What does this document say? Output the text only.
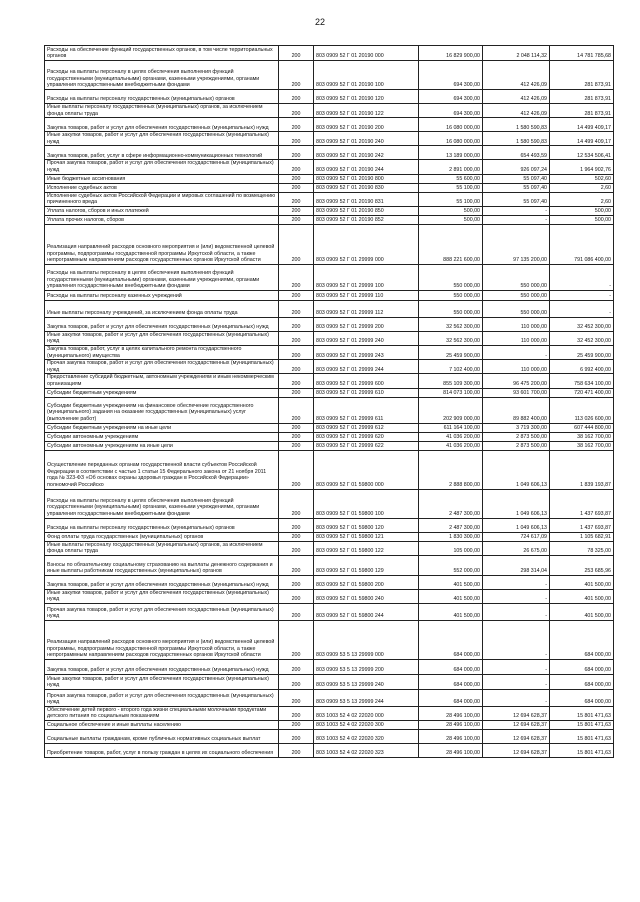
22
Расходы на обеспечение функций государственных органов, в том числе территориальных органов	200	803 0909 52 Г 01 20190 000	16 829 900,00	2 048 114,32	14 781 785,68
Расходы на выплаты персоналу в целях обеспечения выполнения функций государственными (муниципальными) органами, казенными учреждениями, органами управления государственными внебюджетными фондами	200	803 0909 52 Г 01 20190 100	694 300,00	412 426,09	281 873,91
Расходы на выплаты персоналу государственных (муниципальных) органов	200	803 0909 52 Г 01 20190 120	694 300,00	412 426,09	281 873,91
Иные выплаты персоналу государственных (муниципальных) органов, за исключением фонда оплаты труда	200	803 0909 52 Г 01 20190 122	694 300,00	412 426,09	281 873,91
Закупка товаров, работ и услуг для обеспечения государственных (муниципальных) нужд	200	803 0909 52 Г 01 20190 200	16 080 000,00	1 580 590,83	14 499 409,17
Иные закупки товаров, работ и услуг для обеспечения государственных (муниципальных) нужд	200	803 0909 52 Г 01 20190 240	16 080 000,00	1 580 590,83	14 499 409,17
Закупка товаров, работ, услуг в сфере информационно-коммуникационных технологий	200	803 0909 52 Г 01 20190 242	13 189 000,00	654 493,59	12 534 506,41
Прочая закупка товаров, работ и услуг для обеспечения государственных (муниципальных) нужд	200	803 0909 52 Г 01 20190 244	2 891 000,00	926 097,24	1 964 902,76
Иные бюджетные ассигнования	200	803 0909 52 Г 01 20190 800	55 600,00	55 097,40	502,60
Исполнение судебных актов	200	803 0909 52 Г 01 20190 830	55 100,00	55 097,40	2,60
Исполнение судебных актов Российской Федерации и мировых соглашений по возмещению причиненного вреда	200	803 0909 52 Г 01 20190 831	55 100,00	55 097,40	2,60
Уплата налогов, сборов и иных платежей	200	803 0909 52 Г 01 20190 850	500,00	-	500,00
Уплата прочих налогов, сборов	200	803 0909 52 Г 01 20190 852	500,00	-	500,00
Реализация направлений расходов основного мероприятия и (или) ведомственной целевой программы, подпрограммы государственной программы Иркутской области, а также непрограммным направлениям расходов государственных органов Иркутской области	200	803 0909 52 Г 01 29999 000	888 221 600,00	97 135 200,00	791 086 400,00
Расходы на выплаты персоналу в целях обеспечения выполнения функций государственными (муниципальными) органами, казенными учреждениями, органами управления государственными внебюджетными фондами	200	803 0909 52 Г 01 29999 100	550 000,00	550 000,00	-
Расходы на выплаты персоналу казенных учреждений	200	803 0909 52 Г 01 29999 110	550 000,00	550 000,00	-
Иные выплаты персоналу учреждений, за исключением фонда оплаты труда	200	803 0909 52 Г 01 29999 112	550 000,00	550 000,00	-
Закупка товаров, работ и услуг для обеспечения государственных (муниципальных) нужд	200	803 0909 52 Г 01 29999 200	32 562 300,00	110 000,00	32 452 300,00
Иные закупки товаров, работ и услуг для обеспечения государственных (муниципальных) нужд	200	803 0909 52 Г 01 29999 240	32 562 300,00	110 000,00	32 452 300,00
Закупка товаров, работ, услуг в целях капитального ремонта государственного (муниципального) имущества	200	803 0909 52 Г 01 29999 243	25 459 900,00	-	25 459 900,00
Прочая закупка товаров, работ и услуг для обеспечения государственных (муниципальных) нужд	200	803 0909 52 Г 01 29999 244	7 102 400,00	110 000,00	6 992 400,00
Предоставление субсидий бюджетным, автономным учреждениям и иным некоммерческим организациям	200	803 0909 52 Г 01 29999 600	855 109 300,00	96 475 200,00	758 634 100,00
Субсидии бюджетным учреждениям	200	803 0909 52 Г 01 29999 610	814 073 100,00	93 601 700,00	720 471 400,00
Субсидии бюджетным учреждениям на финансовое обеспечение государственного (муниципального) задания на оказание государственных (муниципальных) услуг (выполнение работ)	200	803 0909 52 Г 01 29999 611	202 909 000,00	89 882 400,00	113 026 600,00
Субсидии бюджетным учреждениям на иные цели	200	803 0909 52 Г 01 29999 612	611 164 100,00	3 719 300,00	607 444 800,00
Субсидии автономным учреждениям	200	803 0909 52 Г 01 29999 620	41 036 200,00	2 873 500,00	38 162 700,00
Субсидии автономным учреждениям на иные цели	200	803 0909 52 Г 01 29999 622	41 036 200,00	2 873 500,00	38 162 700,00
Осуществление переданных органам государственной власти субъектов Российской Федерации в соответствии с частью 1 статьи 15 Федерального закона от 21 ноября 2011 года № 323-ФЗ «Об основах охраны здоровья граждан в Российской Федерации» полномочий Российско	200	803 0909 52 Г 01 59800 000	2 888 800,00	1 049 606,13	1 839 193,87
Расходы на выплаты персоналу в целях обеспечения выполнения функций государственными (муниципальными) органами, казенными учреждениями, органами управления государственными внебюджетными фондами	200	803 0909 52 Г 01 59800 100	2 487 300,00	1 049 606,13	1 437 693,87
Расходы на выплаты персоналу государственных (муниципальных) органов	200	803 0909 52 Г 01 59800 120	2 487 300,00	1 049 606,13	1 437 693,87
Фонд оплаты труда государственных (муниципальных) органов	200	803 0909 52 Г 01 59800 121	1 830 300,00	724 617,09	1 105 682,91
Иные выплаты персоналу государственных (муниципальных) органов, за исключением фонда оплаты труда	200	803 0909 52 Г 01 59800 122	105 000,00	26 675,00	78 325,00
Взносы по обязательному социальному страхованию на выплаты денежного содержания и иные выплаты работникам государственных (муниципальных) органов	200	803 0909 52 Г 01 59800 129	552 000,00	298 314,04	253 685,96
Закупка товаров, работ и услуг для обеспечения государственных (муниципальных) нужд	200	803 0909 52 Г 01 59800 200	401 500,00	-	401 500,00
Иные закупки товаров, работ и услуг для обеспечения государственных (муниципальных) нужд	200	803 0909 52 Г 01 59800 240	401 500,00	-	401 500,00
Прочая закупка товаров, работ и услуг для обеспечения государственных (муниципальных) нужд	200	803 0909 52 Г 01 59800 244	401 500,00	-	401 500,00
Реализация направлений расходов основного мероприятия и (или) ведомственной целевой программы, подпрограммы государственной программы Иркутской области, а также непрограммным направлениям расходов государственных органов Иркутской области	200	803 0909 53 5 13 29999 000	684 000,00	-	684 000,00
Закупка товаров, работ и услуг для обеспечения государственных (муниципальных) нужд	200	803 0909 53 5 13 29999 200	684 000,00	-	684 000,00
Иные закупки товаров, работ и услуг для обеспечения государственных (муниципальных) нужд	200	803 0909 53 5 13 29999 240	684 000,00	-	684 000,00
Прочая закупка товаров, работ и услуг для обеспечения государственных (муниципальных) нужд	200	803 0909 53 5 13 29999 244	684 000,00	-	684 000,00
Обеспечение детей первого - второго года жизни специальными молочными продуктами детского питания по социальным показаниям	200	803 1003 52 4 02 22020 000	28 496 100,00	12 694 628,37	15 801 471,63
Социальное обеспечение и иные выплаты населению	200	803 1003 52 4 02 22020 300	28 496 100,00	12 694 628,37	15 801 471,63
Социальные выплаты гражданам, кроме публичных нормативных социальных выплат	200	803 1003 52 4 02 22020 320	28 496 100,00	12 694 628,37	15 801 471,63
Приобретение товаров, работ, услуг в пользу граждан в целях их социального обеспечения	200	803 1003 52 4 02 22020 323	28 496 100,00	12 694 628,37	15 801 471,63
